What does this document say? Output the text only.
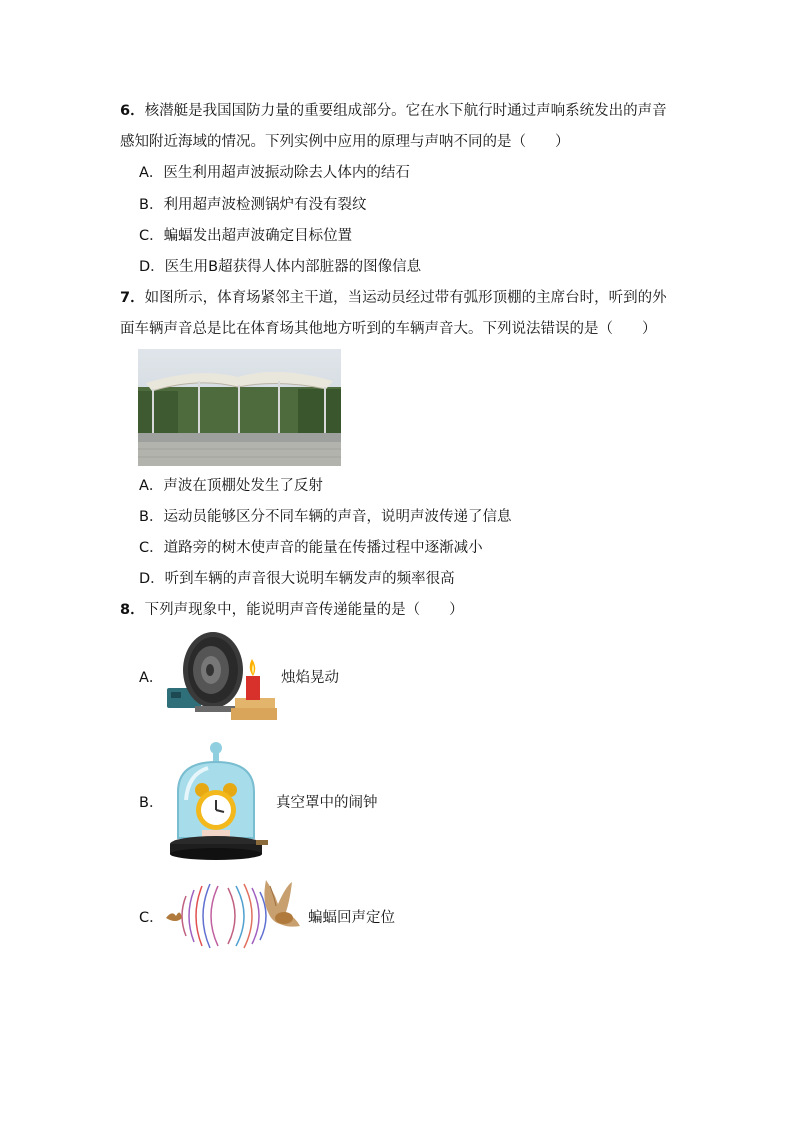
6．核潜艇是我国国防力量的重要组成部分。它在水下航行时通过声响系统发出的声音
感知附近海域的情况。下列实例中应用的原理与声呐不同的是（　　）
A．医生利用超声波振动除去人体内的结石
B．利用超声波检测锅炉有没有裂纹
C．蝙蝠发出超声波确定目标位置
D．医生用B超获得人体内部脏器的图像信息
7．如图所示，体育场紧邻主干道，当运动员经过带有弧形顶棚的主席台时，听到的外
面车辆声音总是比在体育场其他地方听到的车辆声音大。下列说法错误的是（　　）
A．声波在顶棚处发生了反射
B．运动员能够区分不同车辆的声音，说明声波传递了信息
C．道路旁的树木使声音的能量在传播过程中逐渐减小
D．听到车辆的声音很大说明车辆发声的频率很高
8．下列声现象中，能说明声音传递能量的是（　　）
A．	烛焰晃动
B．	真空罩中的闹钟
C．	蝙蝠回声定位
